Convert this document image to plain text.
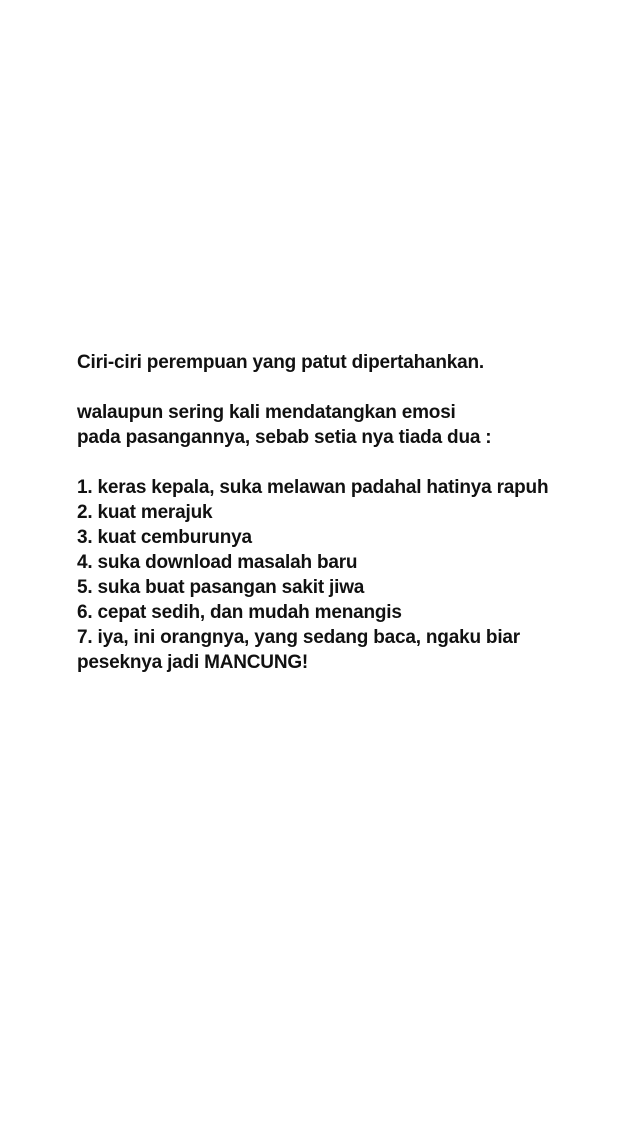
Ciri-ciri perempuan yang patut dipertahankan.

walaupun sering kali mendatangkan emosi

pada pasangannya, sebab setia nya tiada dua :

1. keras kepala, suka melawan padahal hatinya rapuh

2. kuat merajuk

3. kuat cemburunya

4. suka download masalah baru

5. suka buat pasangan sakit jiwa

6. cepat sedih, dan mudah menangis

7. iya, ini orangnya, yang sedang baca, ngaku biar

peseknya jadi MANCUNG!
